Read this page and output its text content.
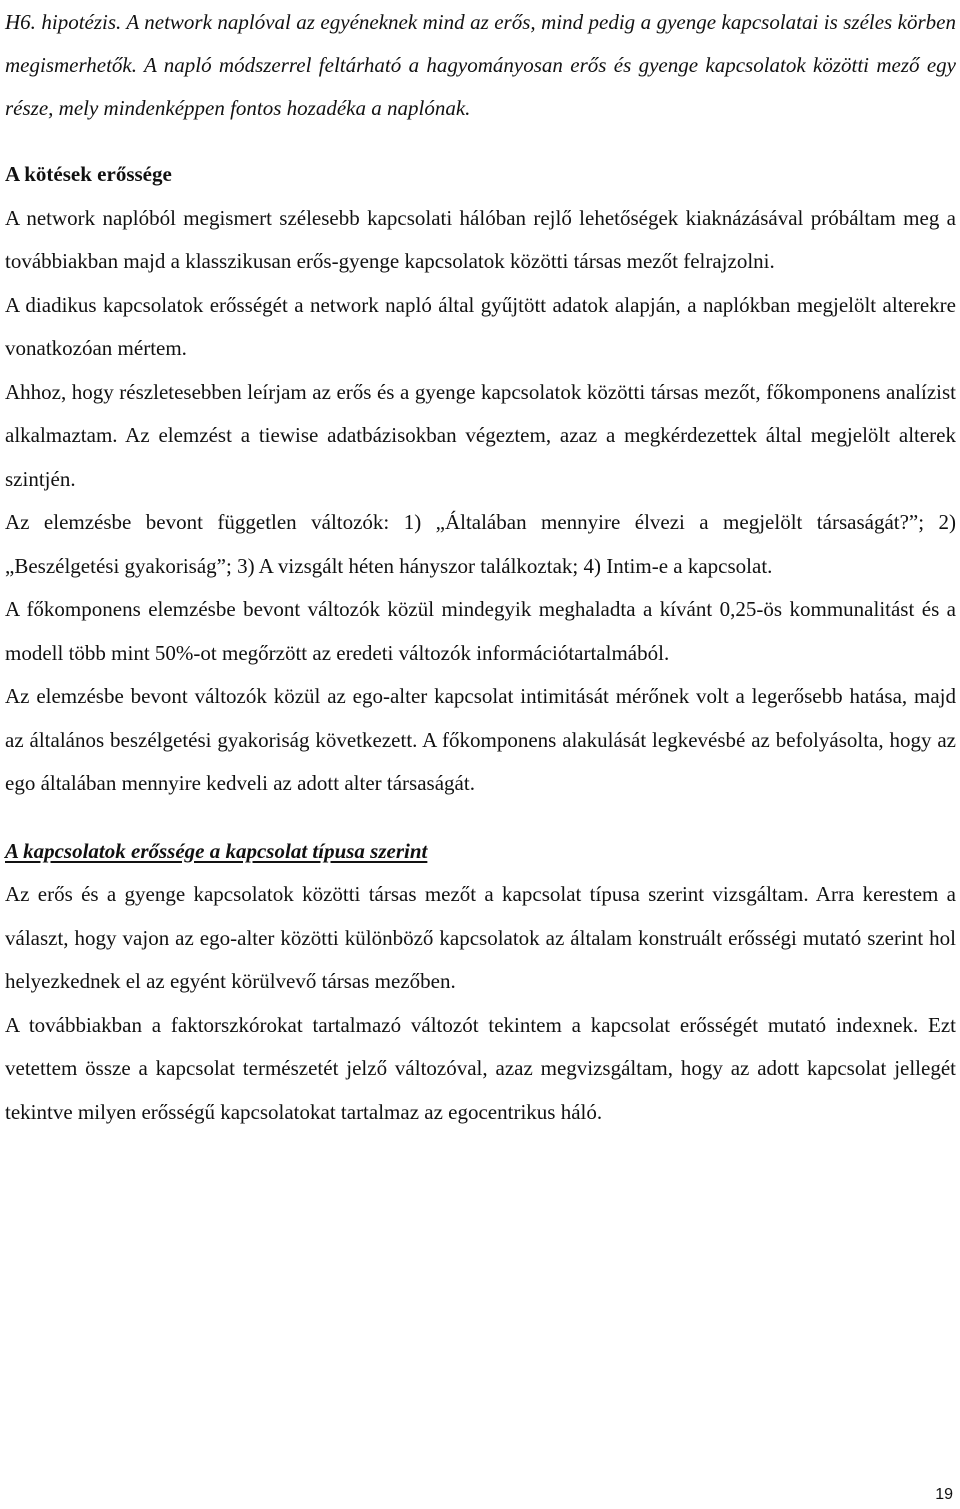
H6. hipotézis. A network naplóval az egyéneknek mind az erős, mind pedig a gyenge kapcsolatai is széles körben megismerhetők. A napló módszerrel feltárható a hagyományosan erős és gyenge kapcsolatok közötti mező egy része, mely mindenképpen fontos hozadéka a naplónak.

A kötések erőssége

A network naplóból megismert szélesebb kapcsolati hálóban rejlő lehetőségek kiaknázásával próbáltam meg a továbbiakban majd a klasszikusan erős-gyenge kapcsolatok közötti társas mezőt felrajzolni.

A diadikus kapcsolatok erősségét a network napló által gyűjtött adatok alapján, a naplókban megjelölt alterekre vonatkozóan mértem.

Ahhoz, hogy részletesebben leírjam az erős és a gyenge kapcsolatok közötti társas mezőt, főkomponens analízist alkalmaztam. Az elemzést a tiewise adatbázisokban végeztem, azaz a megkérdezettek által megjelölt alterek szintjén.

Az elemzésbe bevont független változók: 1) „Általában mennyire élvezi a megjelölt társaságát?”; 2) „Beszélgetési gyakoriság”; 3) A vizsgált héten hányszor találkoztak; 4) Intim-e a kapcsolat.

A főkomponens elemzésbe bevont változók közül mindegyik meghaladta a kívánt 0,25-ös kommunalitást és a modell több mint 50%-ot megőrzött az eredeti változók információtartalmából.

Az elemzésbe bevont változók közül az ego-alter kapcsolat intimitását mérőnek volt a legerősebb hatása, majd az általános beszélgetési gyakoriság következett. A főkomponens alakulását legkevésbé az befolyásolta, hogy az ego általában mennyire kedveli az adott alter társaságát.

A kapcsolatok erőssége a kapcsolat típusa szerint

Az erős és a gyenge kapcsolatok közötti társas mezőt a kapcsolat típusa szerint vizsgáltam. Arra kerestem a választ, hogy vajon az ego-alter közötti különböző kapcsolatok az általam konstruált erősségi mutató szerint hol helyezkednek el az egyént körülvevő társas mezőben.

A továbbiakban a faktorszkórokat tartalmazó változót tekintem a kapcsolat erősségét mutató indexnek. Ezt vetettem össze a kapcsolat természetét jelző változóval, azaz megvizsgáltam, hogy az adott kapcsolat jellegét tekintve milyen erősségű kapcsolatokat tartalmaz az egocentrikus háló.

19
